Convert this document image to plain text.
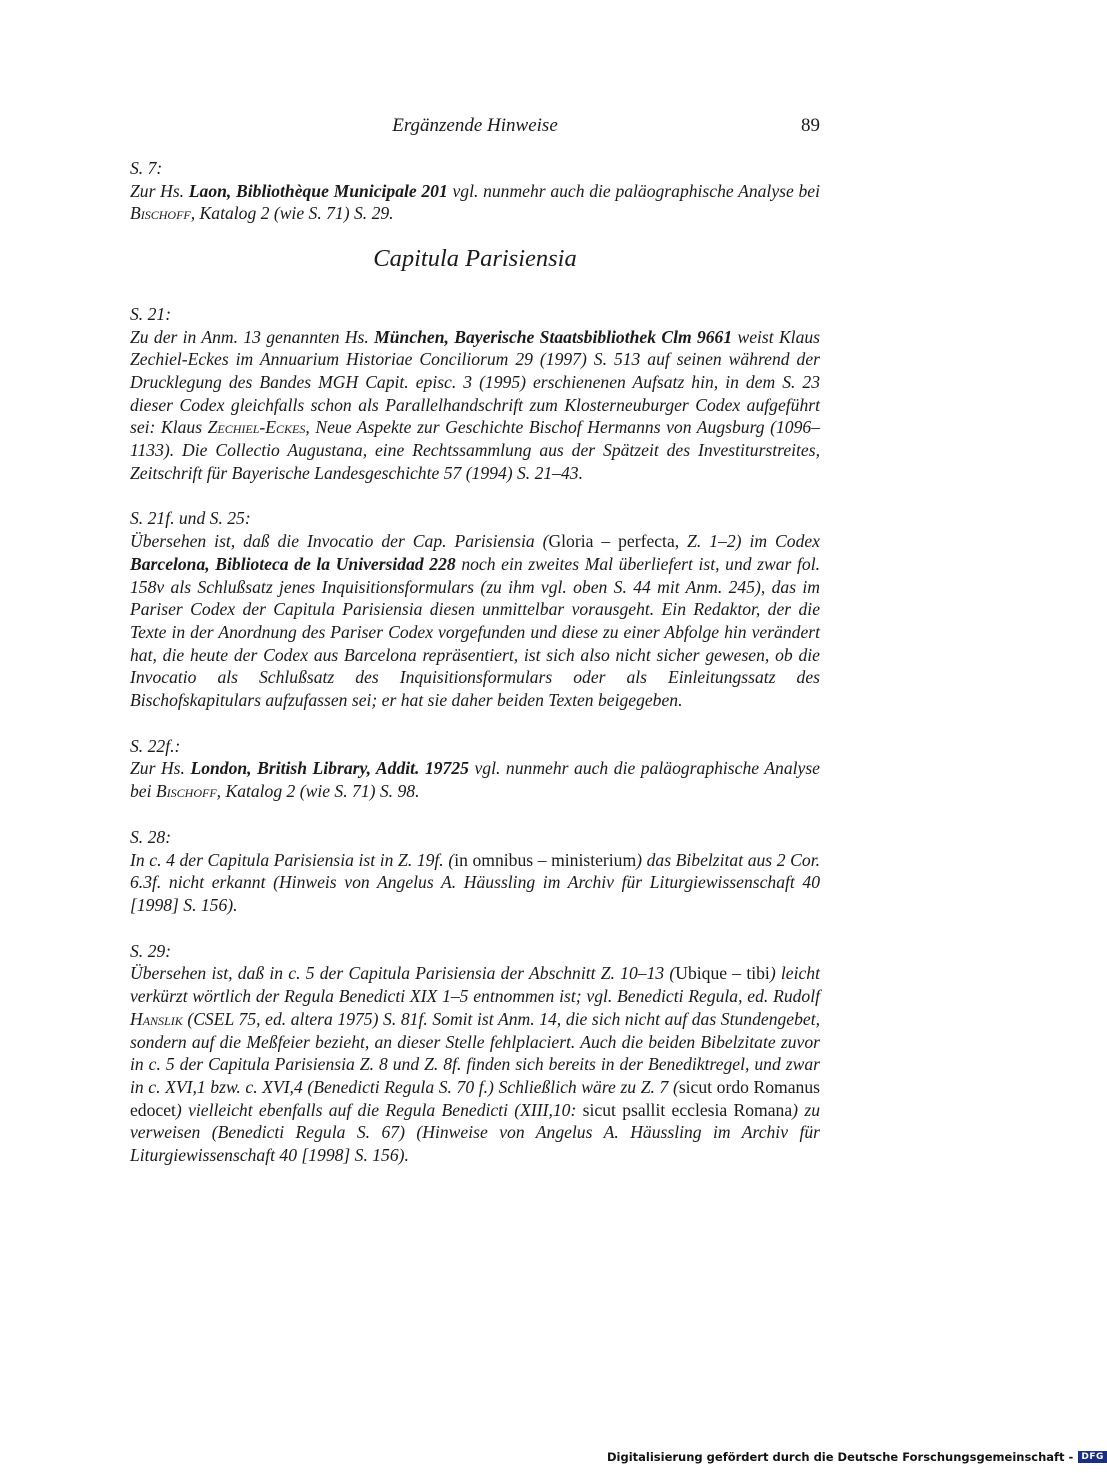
Ergänzende Hinweise	89

S. 7:
Zur Hs. Laon, Bibliothèque Municipale 201 vgl. nunmehr auch die paläographische Analyse bei Bischoff, Katalog 2 (wie S. 71) S. 29.

Capitula Parisiensia

S. 21:
Zu der in Anm. 13 genannten Hs. München, Bayerische Staatsbibliothek Clm 9661 weist Klaus Zechiel-Eckes im Annuarium Historiae Conciliorum 29 (1997) S. 513 auf seinen während der Drucklegung des Bandes MGH Capit. episc. 3 (1995) erschienenen Aufsatz hin, in dem S. 23 dieser Codex gleichfalls schon als Parallelhandschrift zum Klosterneuburger Codex aufgeführt sei: Klaus Zechiel-Eckes, Neue Aspekte zur Geschichte Bischof Hermanns von Augsburg (1096–1133). Die Collectio Augustana, eine Rechtssammlung aus der Spätzeit des Investiturstreites, Zeitschrift für Bayerische Landesgeschichte 57 (1994) S. 21–43.

S. 21f. und S. 25:
Übersehen ist, daß die Invocatio der Cap. Parisiensia (Gloria – perfecta, Z. 1–2) im Codex Barcelona, Biblioteca de la Universidad 228 noch ein zweites Mal überliefert ist, und zwar fol. 158v als Schlußsatz jenes Inquisitionsformulars (zu ihm vgl. oben S. 44 mit Anm. 245), das im Pariser Codex der Capitula Parisiensia diesen unmittelbar vorausgeht. Ein Redaktor, der die Texte in der Anordnung des Pariser Codex vorgefunden und diese zu einer Abfolge hin verändert hat, die heute der Codex aus Barcelona repräsentiert, ist sich also nicht sicher gewesen, ob die Invocatio als Schlußsatz des Inquisitionsformulars oder als Einleitungssatz des Bischofskapitulars aufzufassen sei; er hat sie daher beiden Texten beigegeben.

S. 22f.:
Zur Hs. London, British Library, Addit. 19725 vgl. nunmehr auch die paläographische Analyse bei Bischoff, Katalog 2 (wie S. 71) S. 98.

S. 28:
In c. 4 der Capitula Parisiensia ist in Z. 19f. (in omnibus – ministerium) das Bibelzitat aus 2 Cor. 6.3f. nicht erkannt (Hinweis von Angelus A. Häussling im Archiv für Liturgiewissenschaft 40 [1998] S. 156).

S. 29:
Übersehen ist, daß in c. 5 der Capitula Parisiensia der Abschnitt Z. 10–13 (Ubique – tibi) leicht verkürzt wörtlich der Regula Benedicti XIX 1–5 entnommen ist; vgl. Benedicti Regula, ed. Rudolf Hanslik (CSEL 75, ed. altera 1975) S. 81f. Somit ist Anm. 14, die sich nicht auf das Stundengebet, sondern auf die Meßfeier bezieht, an dieser Stelle fehlplaciert. Auch die beiden Bibelzitate zuvor in c. 5 der Capitula Parisiensia Z. 8 und Z. 8f. finden sich bereits in der Benediktregel, und zwar in c. XVI,1 bzw. c. XVI,4 (Benedicti Regula S. 70 f.) Schließlich wäre zu Z. 7 (sicut ordo Romanus edocet) vielleicht ebenfalls auf die Regula Benedicti (XIII,10: sicut psallit ecclesia Romana) zu verweisen (Benedicti Regula S. 67) (Hinweise von Angelus A. Häussling im Archiv für Liturgiewissenschaft 40 [1998] S. 156).

Digitalisierung gefördert durch die Deutsche Forschungsgemeinschaft - DFG
